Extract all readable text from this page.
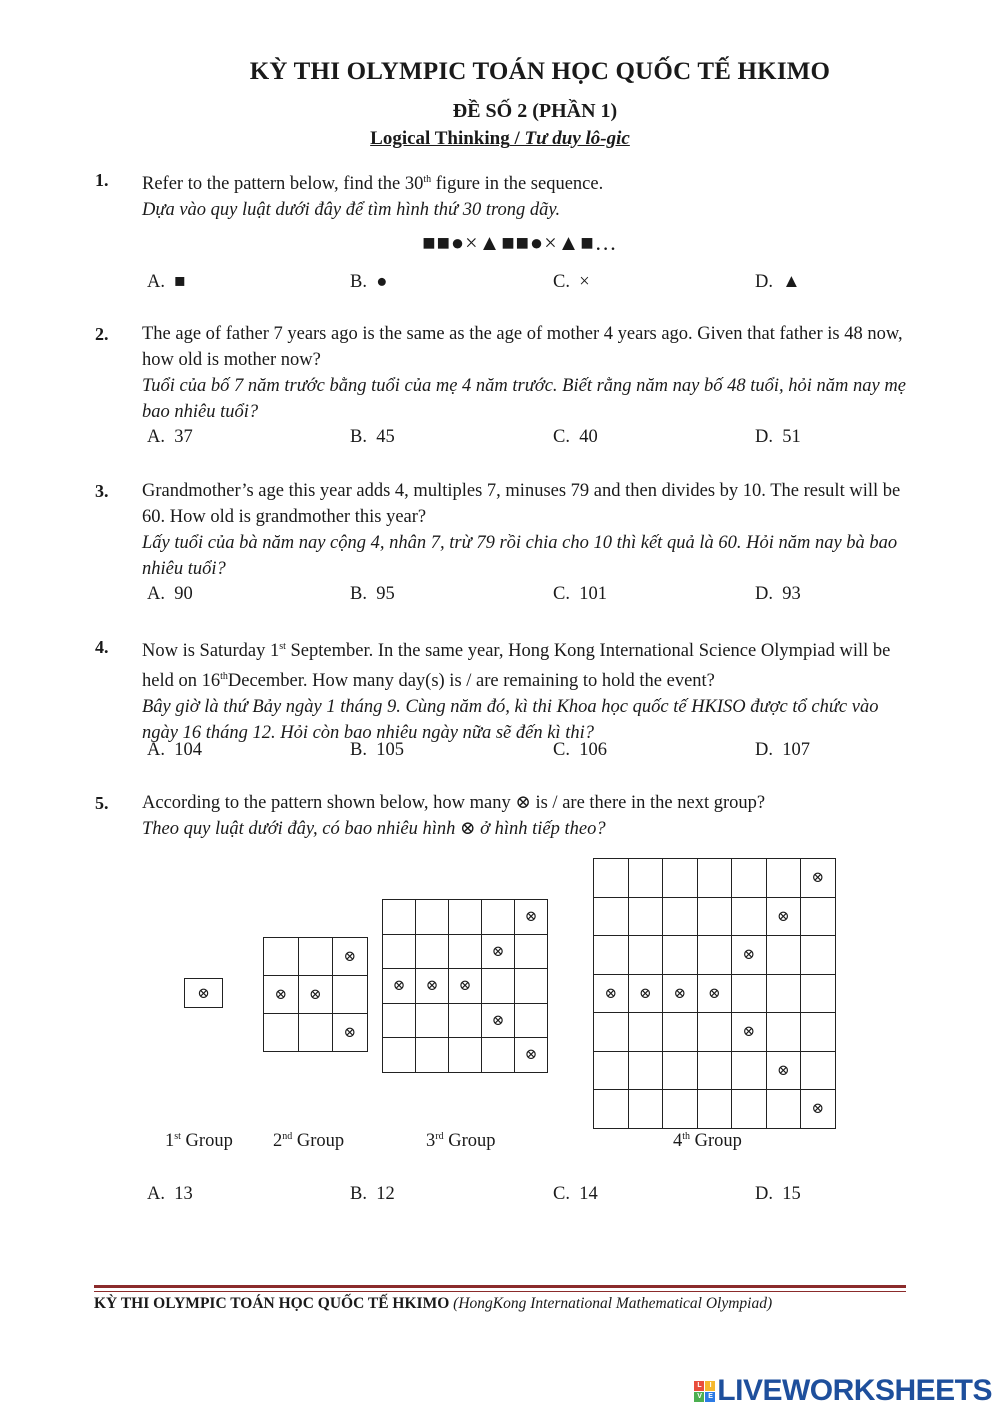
KỲ THI OLYMPIC TOÁN HỌC QUỐC TẾ HKIMO
ĐỀ SỐ 2 (PHẦN 1)
Logical Thinking / Tư duy lô-gic
1. Refer to the pattern below, find the 30th figure in the sequence.
Dựa vào quy luật dưới đây để tìm hình thứ 30 trong dãy.
■■●×▲■■●×▲■…
A. ■	B. ●	C. ×	D. ▲
2. The age of father 7 years ago is the same as the age of mother 4 years ago. Given that father is 48 now, how old is mother now?
Tuổi của bố 7 năm trước bằng tuổi của mẹ 4 năm trước. Biết rằng năm nay bố 48 tuổi, hỏi năm nay mẹ bao nhiêu tuổi?
A. 37	B. 45	C. 40	D. 51
3. Grandmother’s age this year adds 4, multiples 7, minuses 79 and then divides by 10. The result will be 60. How old is grandmother this year?
Lấy tuổi của bà năm nay cộng 4, nhân 7, trừ 79 rồi chia cho 10 thì kết quả là 60. Hỏi năm nay bà bao nhiêu tuổi?
A. 90	B. 95	C. 101	D. 93
4. Now is Saturday 1st September. In the same year, Hong Kong International Science Olympiad will be held on 16thDecember. How many day(s) is / are remaining to hold the event?
Bây giờ là thứ Bảy ngày 1 tháng 9. Cùng năm đó, kì thi Khoa học quốc tế HKISO được tổ chức vào ngày 16 tháng 12. Hỏi còn bao nhiêu ngày nữa sẽ đến kì thi?
A. 104	B. 105	C. 106	D. 107
5. According to the pattern shown below, how many ⊗ is / are there in the next group?
Theo quy luật dưới đây, có bao nhiêu hình ⊗ ở hình tiếp theo?
⊗
1st Group
		⊗
⊗	⊗	
		⊗
2nd Group
				⊗
			⊗	
⊗	⊗	⊗		
			⊗	
				⊗
3rd Group
						⊗
					⊗	
				⊗		
⊗	⊗	⊗	⊗			
				⊗		
					⊗	
						⊗
4th Group
A. 13	B. 12	C. 14	D. 15
KỲ THI OLYMPIC TOÁN HỌC QUỐC TẾ HKIMO (HongKong International Mathematical Olympiad)
L	I
V E LIVEWORKSHEETS
